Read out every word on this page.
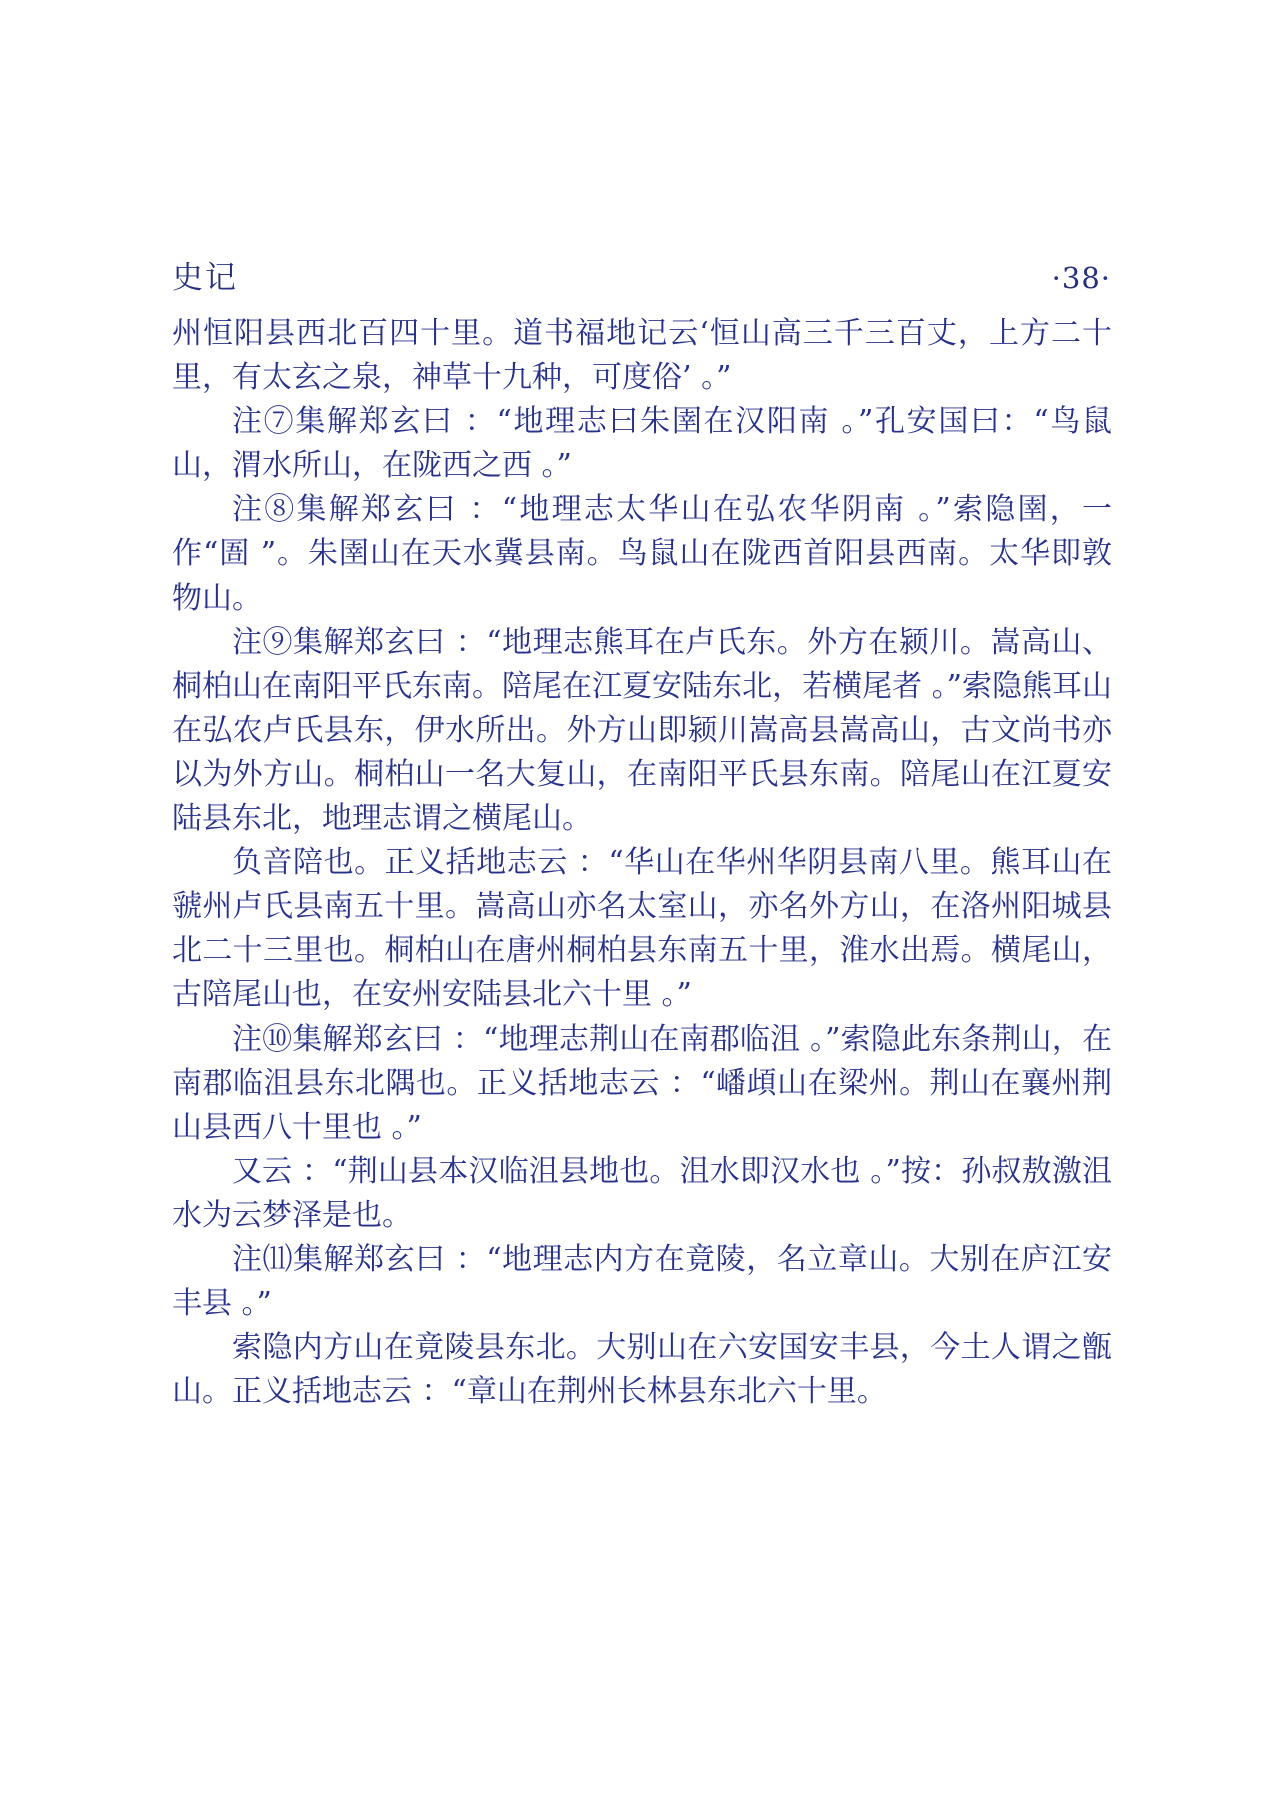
史记	·38·

州恒阳县西北百四十里。道书福地记云‘恒山高三千三百丈，上方二十里，有太玄之泉，神草十九种，可度俗’ 。”

注⑦集解郑玄曰 ：“地理志曰朱圉在汉阳南 。”孔安国曰：“鸟鼠山，渭水所山，在陇西之西 。”

注⑧集解郑玄曰 ：“地理志太华山在弘农华阴南 。”索隐圉，一作“圄 ”。朱圉山在天水冀县南。鸟鼠山在陇西首阳县西南。太华即敦物山。

注⑨集解郑玄曰 ：“地理志熊耳在卢氏东。外方在颍川。嵩高山、桐柏山在南阳平氏东南。陪尾在江夏安陆东北，若横尾者 。”索隐熊耳山在弘农卢氏县东，伊水所出。外方山即颍川嵩高县嵩高山，古文尚书亦以为外方山。桐柏山一名大复山，在南阳平氏县东南。陪尾山在江夏安陆县东北，地理志谓之横尾山。

负音陪也。正义括地志云 ：“华山在华州华阴县南八里。熊耳山在虢州卢氏县南五十里。嵩高山亦名太室山，亦名外方山，在洛州阳城县北二十三里也。桐柏山在唐州桐柏县东南五十里，淮水出焉。横尾山，古陪尾山也，在安州安陆县北六十里 。”

注⑩集解郑玄曰 ：“地理志荆山在南郡临沮 。”索隐此东条荆山，在南郡临沮县东北隅也。正义括地志云 ：“嶓頉山在梁州。荆山在襄州荆山县西八十里也 。”

又云 ：“荆山县本汉临沮县地也。沮水即汉水也 。”按：孙叔敖激沮水为云梦泽是也。

注⑾集解郑玄曰 ：“地理志内方在竟陵，名立章山。大别在庐江安丰县 。”

索隐内方山在竟陵县东北。大别山在六安国安丰县，今土人谓之甑山。正义括地志云 ：“章山在荆州长林县东北六十里。
